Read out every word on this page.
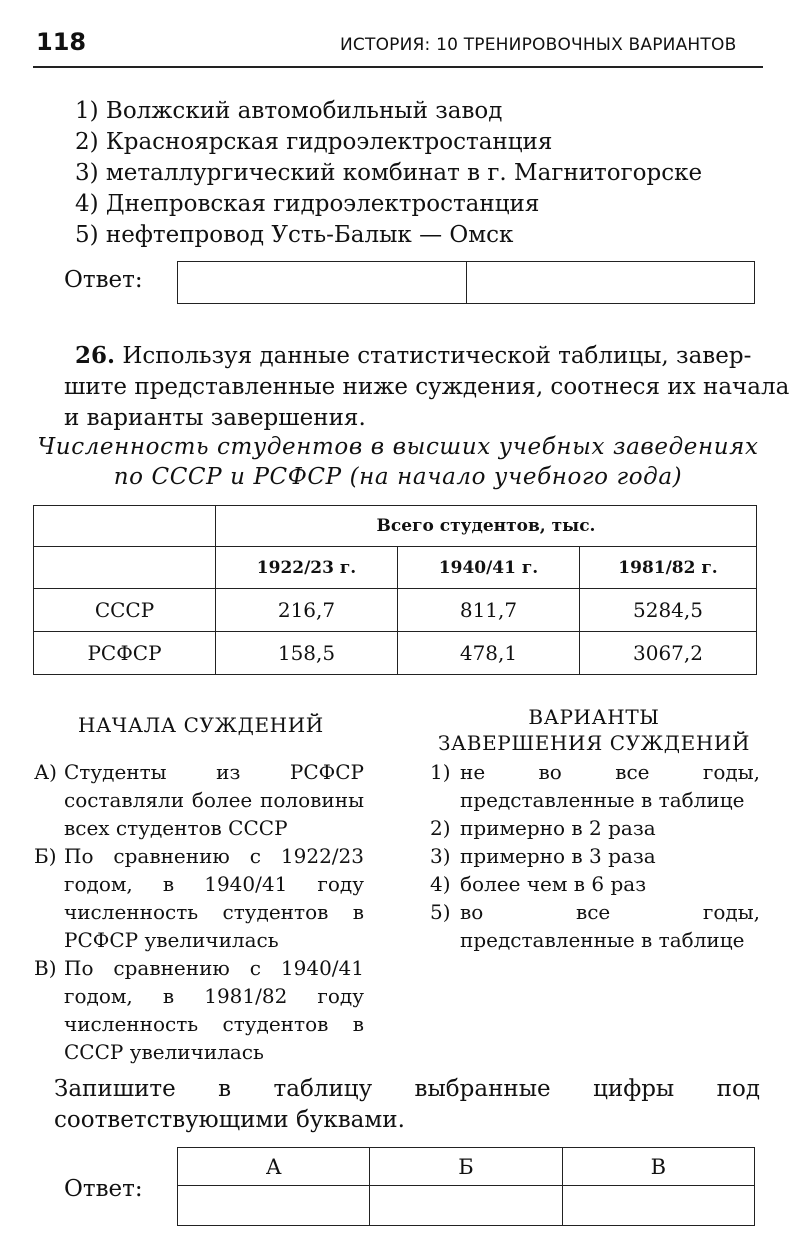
118	ИСТОРИЯ: 10 ТРЕНИРОВОЧНЫХ ВАРИАНТОВ
1) Волжский автомобильный завод
2) Красноярская гидроэлектростанция
3) металлургический комбинат в г. Магнитогорске
4) Днепровская гидроэлектростанция
5) нефтепровод Усть-Балык — Омск
Ответ:
26. Используя данные статистической таблицы, завер-
шите представленные ниже суждения, соотнеся их начала
и варианты завершения.
Численность студентов в высших учебных заведениях
по СССР и РСФСР (на начало учебного года)
	Всего студентов, тыс.		
	1922/23 г.	1940/41 г.	1981/82 г.
СССР	216,7	811,7	5284,5
РСФСР	158,5	478,1	3067,2
НАЧАЛА СУЖДЕНИЙ	ВАРИАНТЫ
ЗАВЕРШЕНИЯ СУЖДЕНИЙ
А) Студенты из РСФСР составляли более половины всех студентов СССР
Б) По сравнению с 1922/23 годом, в 1940/41 году численность студентов в РСФСР увеличилась
В) По сравнению с 1940/41 годом, в 1981/82 году численность студентов в СССР увеличилась
1) не во все годы, представленные в таблице
2) примерно в 2 раза
3) примерно в 3 раза
4) более чем в 6 раз
5) во все годы, представленные в таблице
Запишите в таблицу выбранные цифры под соответствующими буквами.
Ответ:
А	Б	В
